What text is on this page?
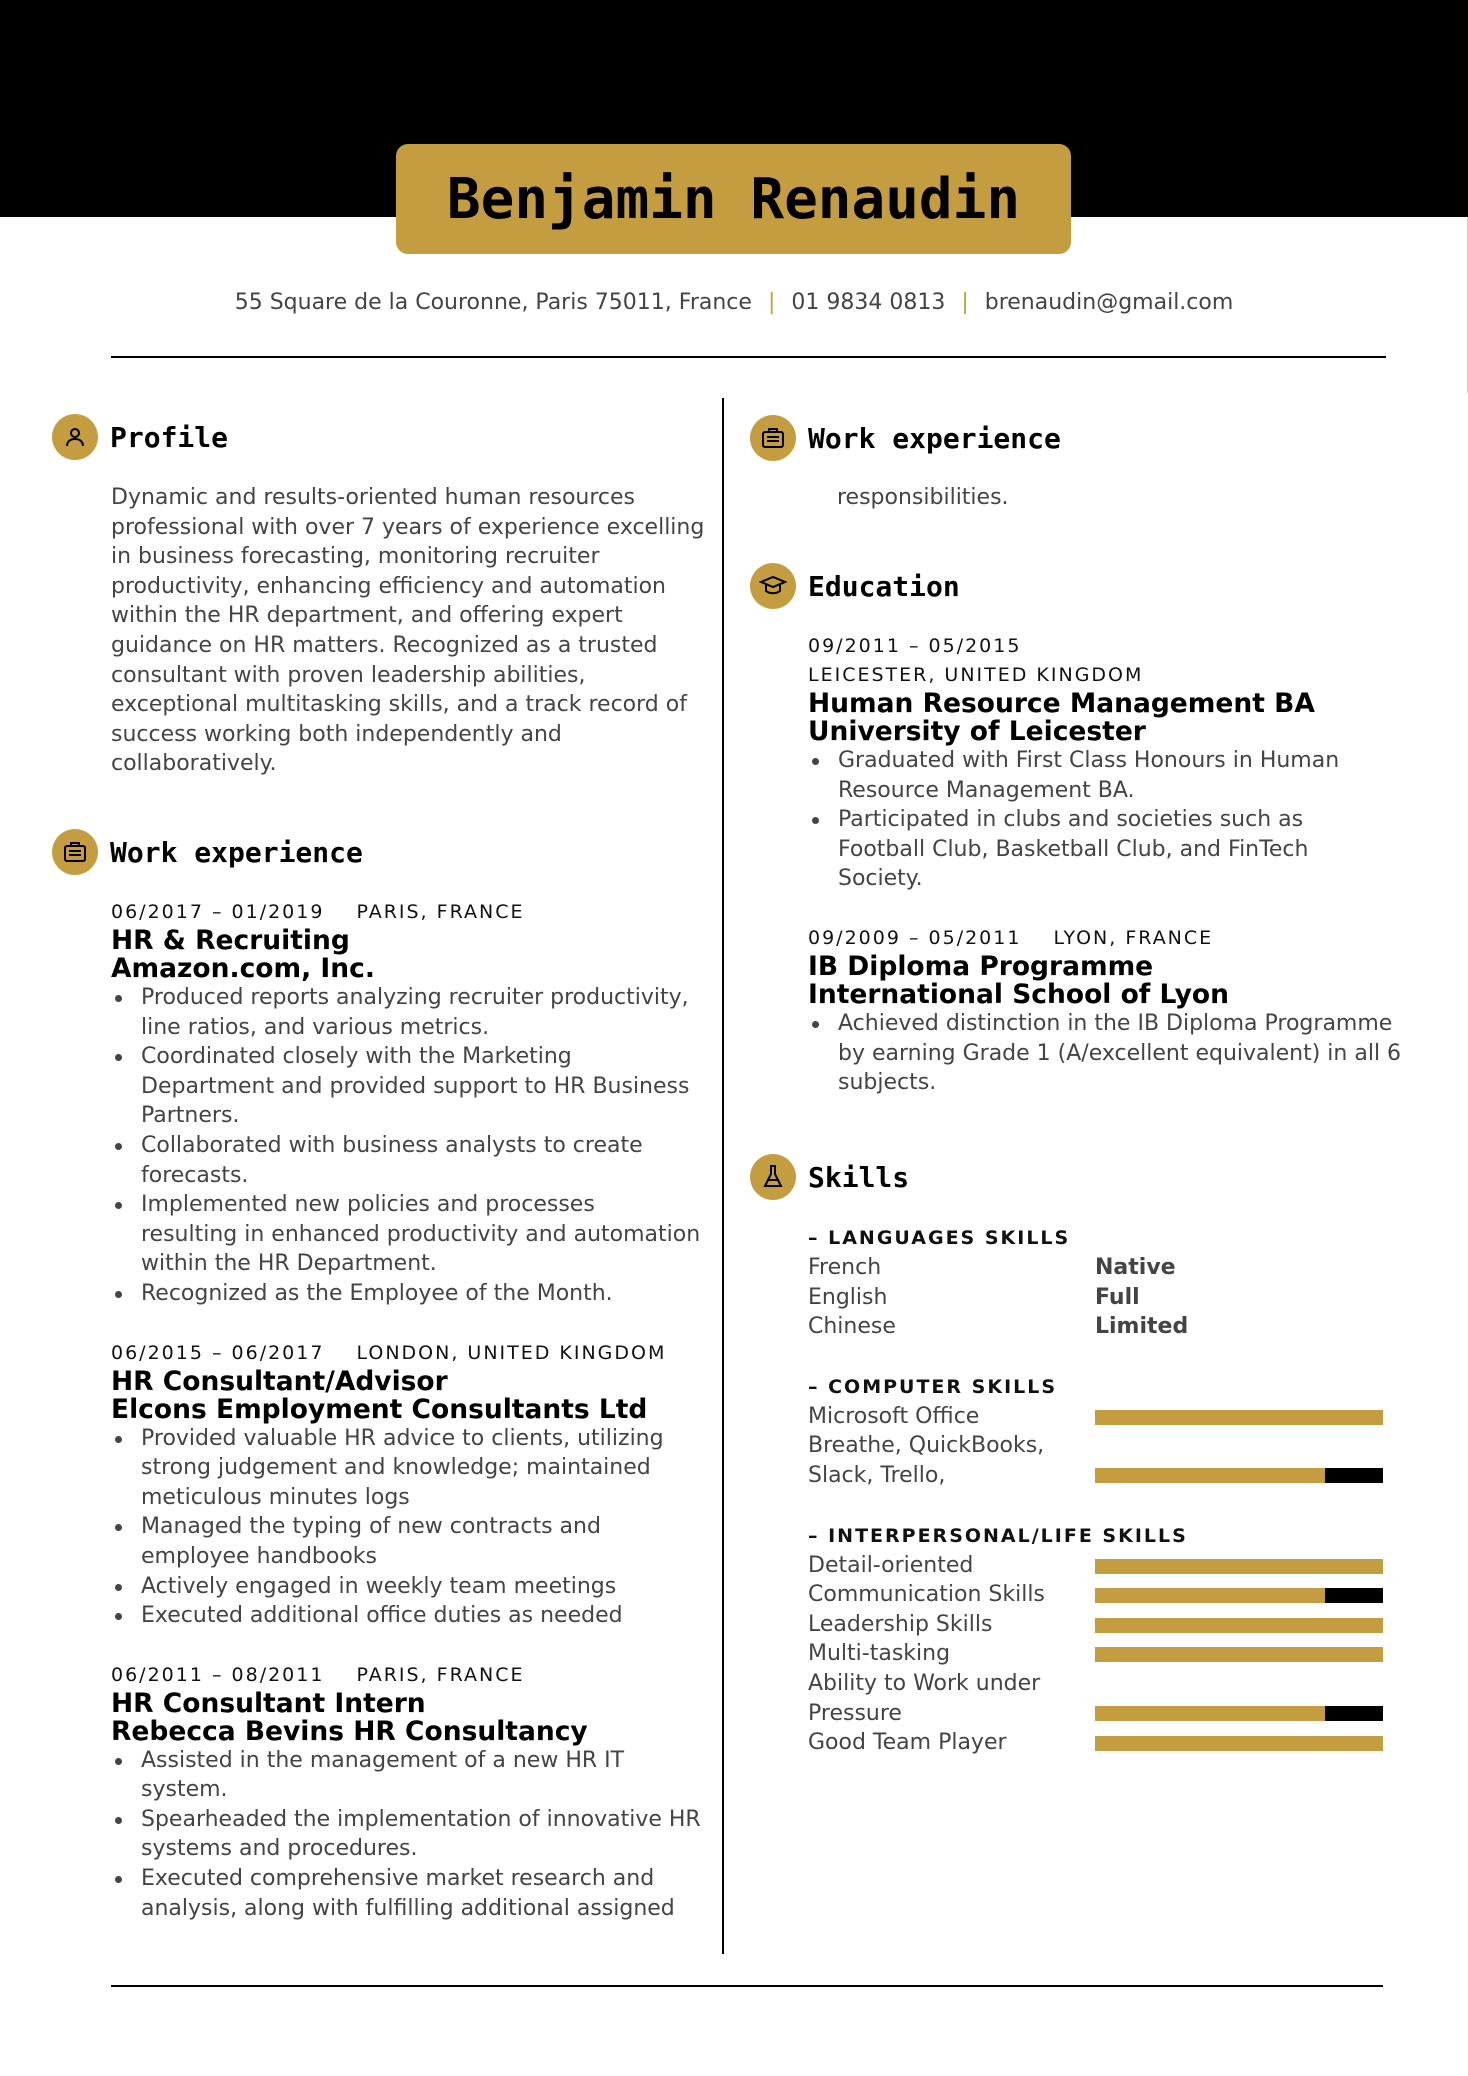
Benjamin Renaudin
55 Square de la Couronne, Paris 75011, France | 01 9834 0813 | brenaudin@gmail.com
Profile
Dynamic and results-oriented human resources
professional with over 7 years of experience excelling
in business forecasting, monitoring recruiter
productivity, enhancing efficiency and automation
within the HR department, and offering expert
guidance on HR matters. Recognized as a trusted
consultant with proven leadership abilities,
exceptional multitasking skills, and a track record of
success working both independently and
collaboratively.
Work experience
06/2017 – 01/2019 PARIS, FRANCE
HR & Recruiting
Amazon.com, Inc.
Produced reports analyzing recruiter productivity,
line ratios, and various metrics.
Coordinated closely with the Marketing
Department and provided support to HR Business
Partners.
Collaborated with business analysts to create
forecasts.
Implemented new policies and processes
resulting in enhanced productivity and automation
within the HR Department.
Recognized as the Employee of the Month.
06/2015 – 06/2017 LONDON, UNITED KINGDOM
HR Consultant/Advisor
Elcons Employment Consultants Ltd
Provided valuable HR advice to clients, utilizing
strong judgement and knowledge; maintained
meticulous minutes logs
Managed the typing of new contracts and
employee handbooks
Actively engaged in weekly team meetings
Executed additional office duties as needed
06/2011 – 08/2011 PARIS, FRANCE
HR Consultant Intern
Rebecca Bevins HR Consultancy
Assisted in the management of a new HR IT
system.
Spearheaded the implementation of innovative HR
systems and procedures.
Executed comprehensive market research and
analysis, along with fulfilling additional assigned
Work experience
responsibilities.
Education
09/2011 – 05/2015
LEICESTER, UNITED KINGDOM
Human Resource Management BA
University of Leicester
Graduated with First Class Honours in Human
Resource Management BA.
Participated in clubs and societies such as
Football Club, Basketball Club, and FinTech
Society.
09/2009 – 05/2011 LYON, FRANCE
IB Diploma Programme
International School of Lyon
Achieved distinction in the IB Diploma Programme
by earning Grade 1 (A/excellent equivalent) in all 6
subjects.
Skills
– LANGUAGES SKILLS
French	Native
English	Full
Chinese	Limited
– COMPUTER SKILLS
Microsoft Office
Breathe, QuickBooks,
Slack, Trello,
– INTERPERSONAL/LIFE SKILLS
Detail-oriented
Communication Skills
Leadership Skills
Multi-tasking
Ability to Work under
Pressure
Good Team Player
